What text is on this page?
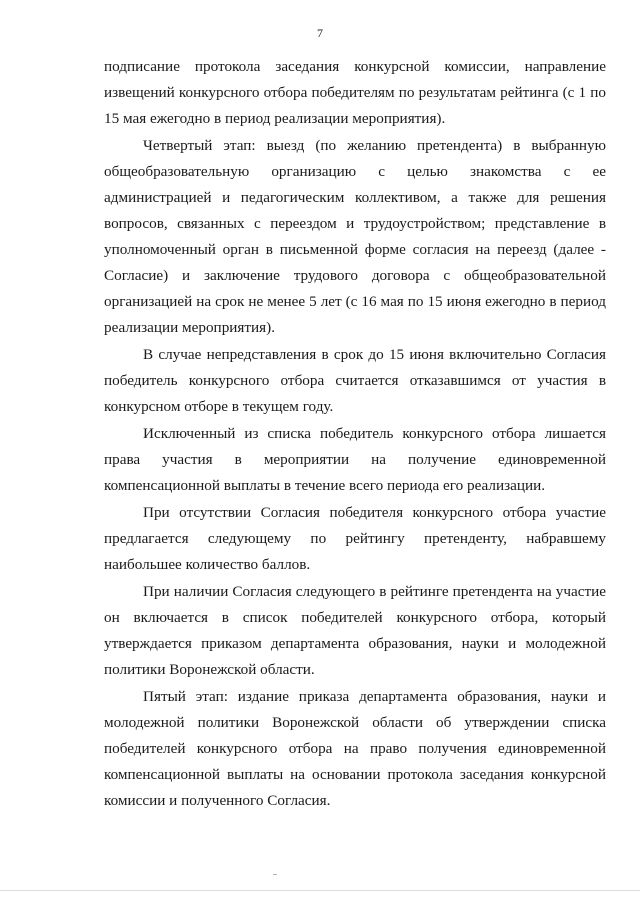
7

подписание протокола заседания конкурсной комиссии, направление извещений конкурсного отбора победителям по результатам рейтинга (с 1 по 15 мая ежегодно в период реализации мероприятия).

Четвертый этап: выезд (по желанию претендента) в выбранную общеобразовательную организацию с целью знакомства с ее администрацией и педагогическим коллективом, а также для решения вопросов, связанных с переездом и трудоустройством; представление в уполномоченный орган в письменной форме согласия на переезд (далее - Согласие) и заключение трудового договора с общеобразовательной организацией на срок не менее 5 лет (с 16 мая по 15 июня ежегодно в период реализации мероприятия).

В случае непредставления в срок до 15 июня включительно Согласия победитель конкурсного отбора считается отказавшимся от участия в конкурсном отборе в текущем году.

Исключенный из списка победитель конкурсного отбора лишается права участия в мероприятии на получение единовременной компенсационной выплаты в течение всего периода его реализации.

При отсутствии Согласия победителя конкурсного отбора участие предлагается следующему по рейтингу претенденту, набравшему наибольшее количество баллов.

При наличии Согласия следующего в рейтинге претендента на участие он включается в список победителей конкурсного отбора, который утверждается приказом департамента образования, науки и молодежной политики Воронежской области.

Пятый этап: издание приказа департамента образования, науки и молодежной политики Воронежской области об утверждении списка победителей конкурсного отбора на право получения единовременной компенсационной выплаты на основании протокола заседания конкурсной комиссии и полученного Согласия.
